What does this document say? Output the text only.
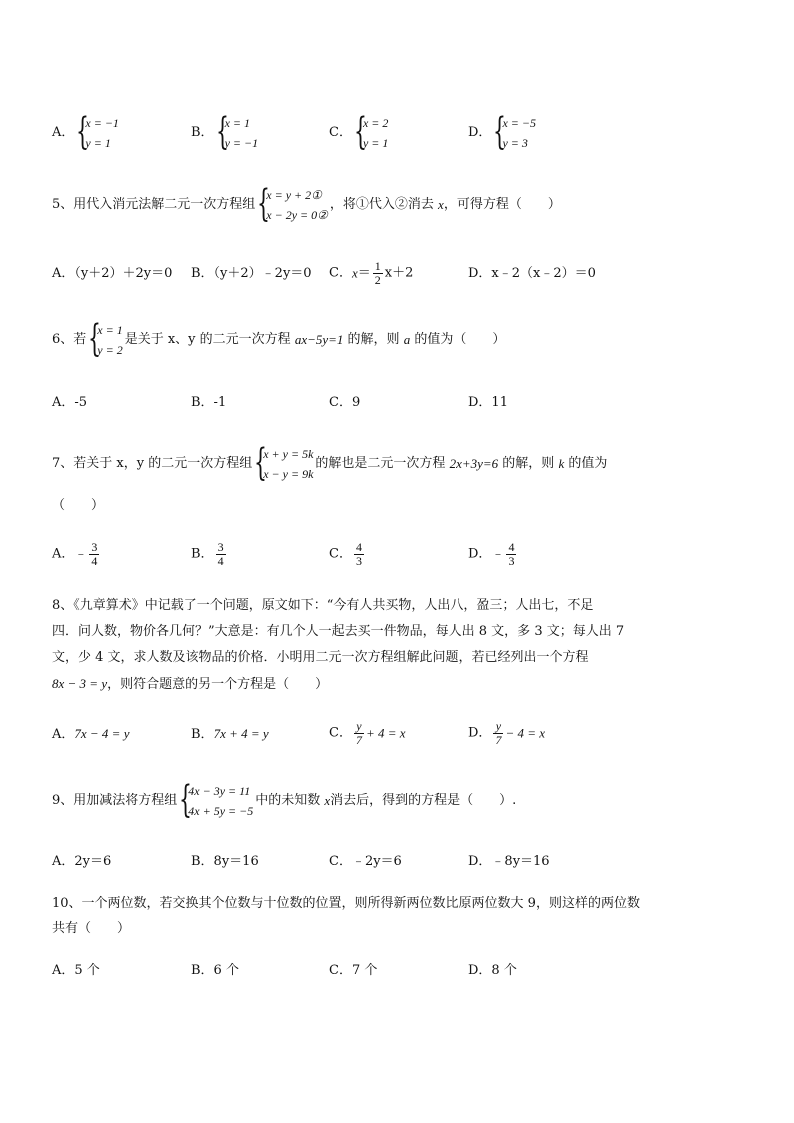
A． {
x = −1
y = 1
B． {
x = 1
y = −1
C． {
x = 2
y = 1
D． {
x = −5
y = 3
5、用代入消元法解二元一次方程组 {
x = y + 2①
x − 2y = 0②
，将①代入②消去 x，可得方程（　　）
A．（y＋2）＋2y＝0 B．（y＋2）﹣2y＝0 C．$x= \frac{1}{2} x+2$	D．x﹣2（x﹣2）＝0
6、若 {
x = 1
y = 2
是关于 x、y 的二元一次方程 ax−5y=1 的解，则 a 的值为（　　）
A．-5	B．-1	C．9	D．11
7、若关于 x，y 的二元一次方程组 {
x + y = 5k
x − y = 9k
的解也是二元一次方程 2x+3y=6 的解，则 k 的值为
（　　）
A．﹣ $\frac{3}{4}$	B． $\frac{3}{4}$	C． $\frac{4}{3}$	D．﹣ $\frac{4}{3}$
8、《九章算术》中记载了一个问题，原文如下：“今有人共买物，人出八，盈三；人出七，不足
四．问人数，物价各几何？”大意是：有几个人一起去买一件物品，每人出 8 文，多 3 文；每人出 7
文，少 4 文，求人数及该物品的价格．小明用二元一次方程组解此问题，若已经列出一个方程
8x − 3 = y，则符合题意的另一个方程是（　　）
A．7x − 4 = y	B．7x + 4 = y	C． $\frac{y}{7} + 4 = x$	D． $\frac{y}{7} - 4 = x$
9、用加减法将方程组 {
4x − 3y = 11
4x + 5y = −5
中的未知数 x消去后，得到的方程是（　　）.
A．2y＝6	B．8y＝16	C．﹣2y＝6	D．﹣8y＝16
10、一个两位数，若交换其个位数与十位数的位置，则所得新两位数比原两位数大 9，则这样的两位数
共有（　　）
A．5 个	B．6 个	C．7 个	D．8 个
